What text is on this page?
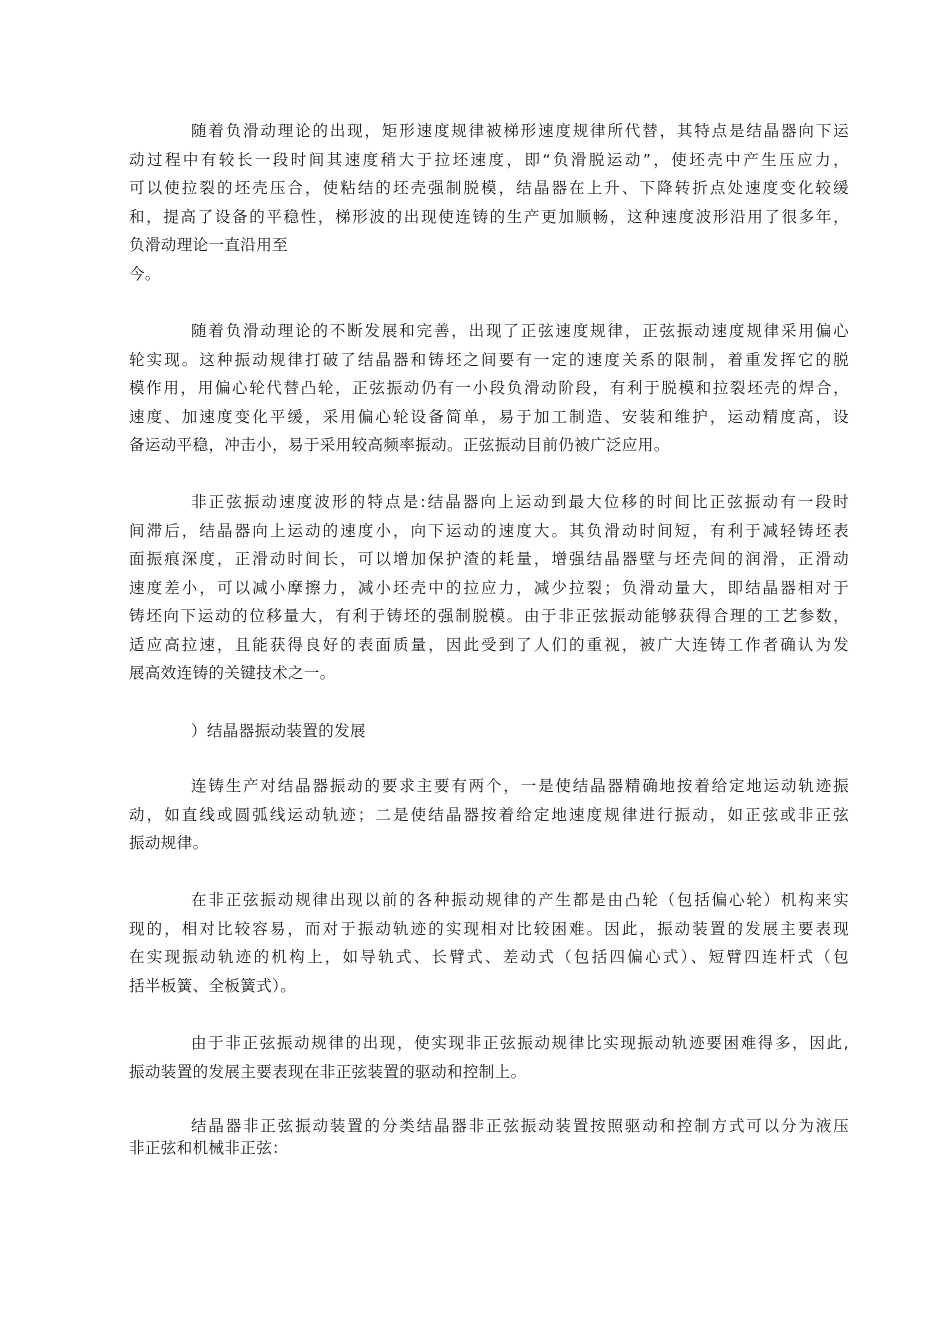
随着负滑动理论的出现，矩形速度规律被梯形速度规律所代替，其特点是结晶器向下运
动过程中有较长一段时间其速度稍大于拉坯速度，即“负滑脱运动”，使坯壳中产生压应力，
可以使拉裂的坯壳压合，使粘结的坯壳强制脱模，结晶器在上升、下降转折点处速度变化较缓
和，提高了设备的平稳性，梯形波的出现使连铸的生产更加顺畅，这种速度波形沿用了很多年，
负滑动理论一直沿用至
今。

随着负滑动理论的不断发展和完善，出现了正弦速度规律，正弦振动速度规律采用偏心
轮实现。这种振动规律打破了结晶器和铸坯之间要有一定的速度关系的限制，着重发挥它的脱
模作用，用偏心轮代替凸轮，正弦振动仍有一小段负滑动阶段，有利于脱模和拉裂坯壳的焊合，
速度、加速度变化平缓，采用偏心轮设备简单，易于加工制造、安装和维护，运动精度高，设
备运动平稳，冲击小，易于采用较高频率振动。正弦振动目前仍被广泛应用。

非正弦振动速度波形的特点是:结晶器向上运动到最大位移的时间比正弦振动有一段时
间滞后，结晶器向上运动的速度小，向下运动的速度大。其负滑动时间短，有利于减轻铸坯表
面振痕深度，正滑动时间长，可以增加保护渣的耗量，增强结晶器壁与坯壳间的润滑，正滑动
速度差小，可以减小摩擦力，减小坯壳中的拉应力，减少拉裂；负滑动量大，即结晶器相对于
铸坯向下运动的位移量大，有利于铸坯的强制脱模。由于非正弦振动能够获得合理的工艺参数，
适应高拉速，且能获得良好的表面质量，因此受到了人们的重视，被广大连铸工作者确认为发
展高效连铸的关键技术之一。

）结晶器振动装置的发展

连铸生产对结晶器振动的要求主要有两个，一是使结晶器精确地按着给定地运动轨迹振
动，如直线或圆弧线运动轨迹；二是使结晶器按着给定地速度规律进行振动，如正弦或非正弦
振动规律。

在非正弦振动规律出现以前的各种振动规律的产生都是由凸轮（包括偏心轮）机构来实
现的，相对比较容易，而对于振动轨迹的实现相对比较困难。因此，振动装置的发展主要表现
在实现振动轨迹的机构上，如导轨式、长臂式、差动式（包括四偏心式）、短臂四连杆式（包
括半板簧、全板簧式）。

由于非正弦振动规律的出现，使实现非正弦振动规律比实现振动轨迹要困难得多，因此,
振动装置的发展主要表现在非正弦装置的驱动和控制上。

结晶器非正弦振动装置的分类结晶器非正弦振动装置按照驱动和控制方式可以分为液压
非正弦和机械非正弦：
